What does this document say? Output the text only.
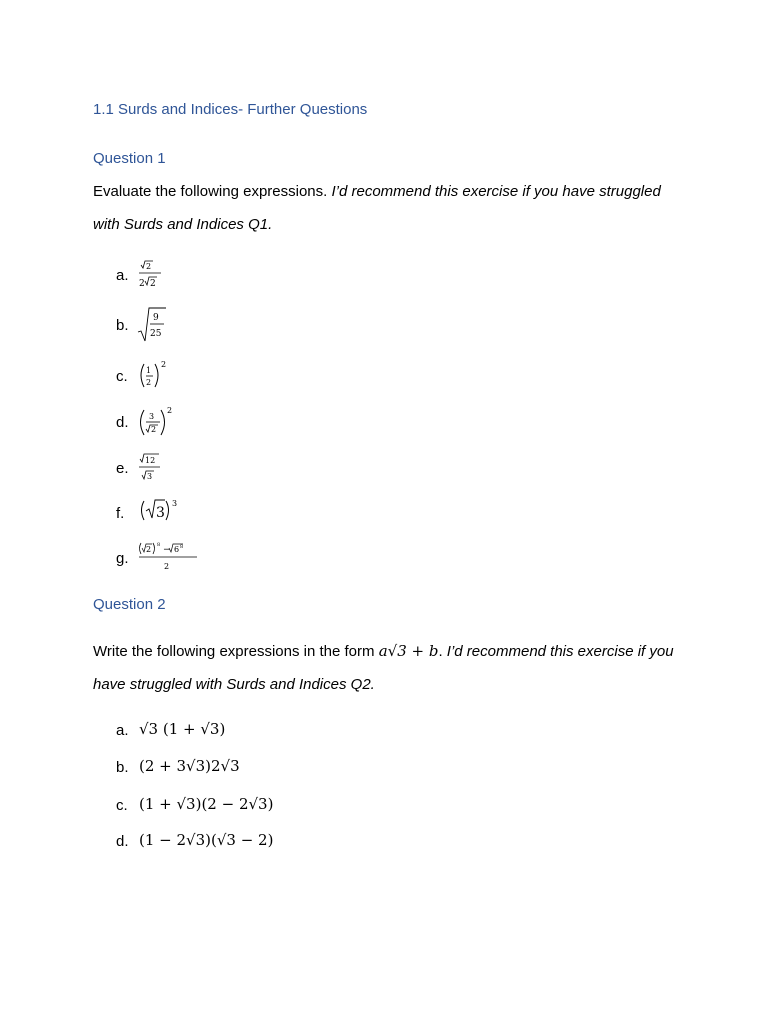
1.1 Surds and Indices- Further Questions
Question 1
Evaluate the following expressions. I’d recommend this exercise if you have struggled
with Surds and Indices Q1.
a.
2
2 2
b.	9
25
c. 1
2
2
d.	3
2
2
e. 12
3
f. 3
3
g.
2 8 − 6 8
2
Question 2
Write the following expressions in the form a√3 + b. I’d recommend this exercise if you
have struggled with Surds and Indices Q2.
a. √3 (1 + √3)
b. (2 + 3√3)2√3
c. (1 + √3)(2 − 2√3)
d. (1 − 2√3)(√3 − 2)
